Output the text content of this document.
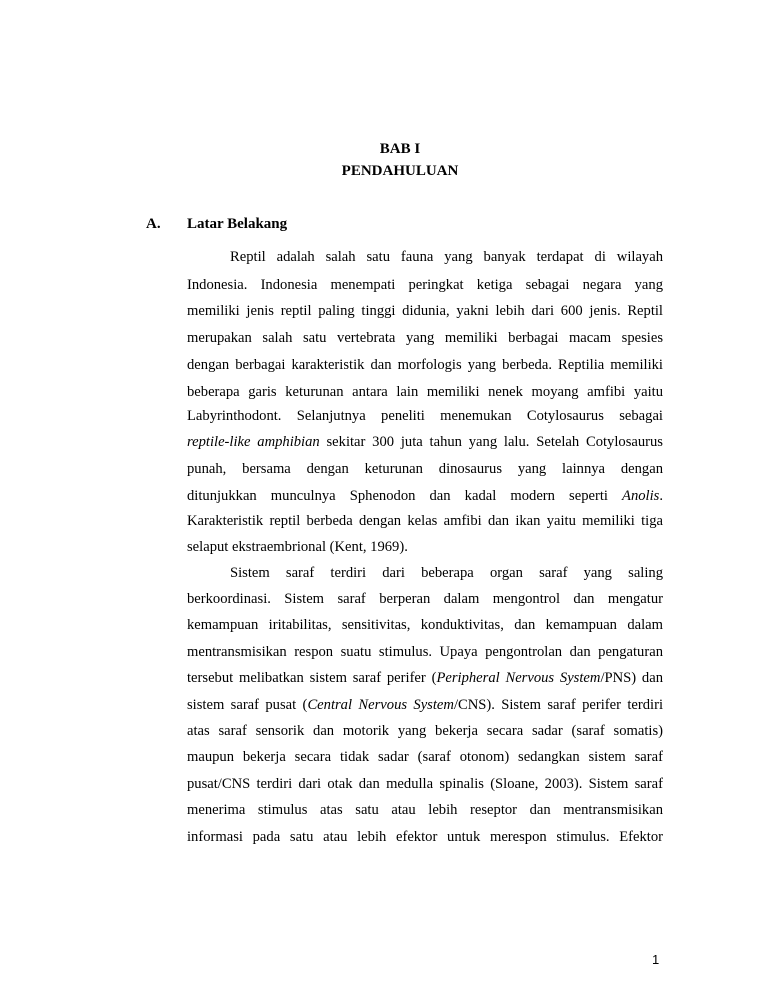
BAB I
PENDAHULUAN
A. Latar Belakang
Reptil adalah salah satu fauna yang banyak terdapat di wilayah
Indonesia. Indonesia menempati peringkat ketiga sebagai negara yang
memiliki jenis reptil paling tinggi didunia, yakni lebih dari 600 jenis. Reptil
merupakan salah satu vertebrata yang memiliki berbagai macam spesies
dengan berbagai karakteristik dan morfologis yang berbeda. Reptilia memiliki
beberapa garis keturunan antara lain memiliki nenek moyang amfibi yaitu
Labyrinthodont. Selanjutnya peneliti menemukan Cotylosaurus sebagai
reptile-like amphibian sekitar 300 juta tahun yang lalu. Setelah Cotylosaurus
punah, bersama dengan keturunan dinosaurus yang lainnya dengan
ditunjukkan munculnya Sphenodon dan kadal modern seperti Anolis.
Karakteristik reptil berbeda dengan kelas amfibi dan ikan yaitu memiliki tiga
selaput ekstraembrional (Kent, 1969).
Sistem saraf terdiri dari beberapa organ saraf yang saling
berkoordinasi. Sistem saraf berperan dalam mengontrol dan mengatur
kemampuan iritabilitas, sensitivitas, konduktivitas, dan kemampuan dalam
mentransmisikan respon suatu stimulus. Upaya pengontrolan dan pengaturan
tersebut melibatkan sistem saraf perifer (Peripheral Nervous System/PNS) dan
sistem saraf pusat (Central Nervous System/CNS). Sistem saraf perifer terdiri
atas saraf sensorik dan motorik yang bekerja secara sadar (saraf somatis)
maupun bekerja secara tidak sadar (saraf otonom) sedangkan sistem saraf
pusat/CNS terdiri dari otak dan medulla spinalis (Sloane, 2003). Sistem saraf
menerima stimulus atas satu atau lebih reseptor dan mentransmisikan
informasi pada satu atau lebih efektor untuk merespon stimulus. Efektor
1
